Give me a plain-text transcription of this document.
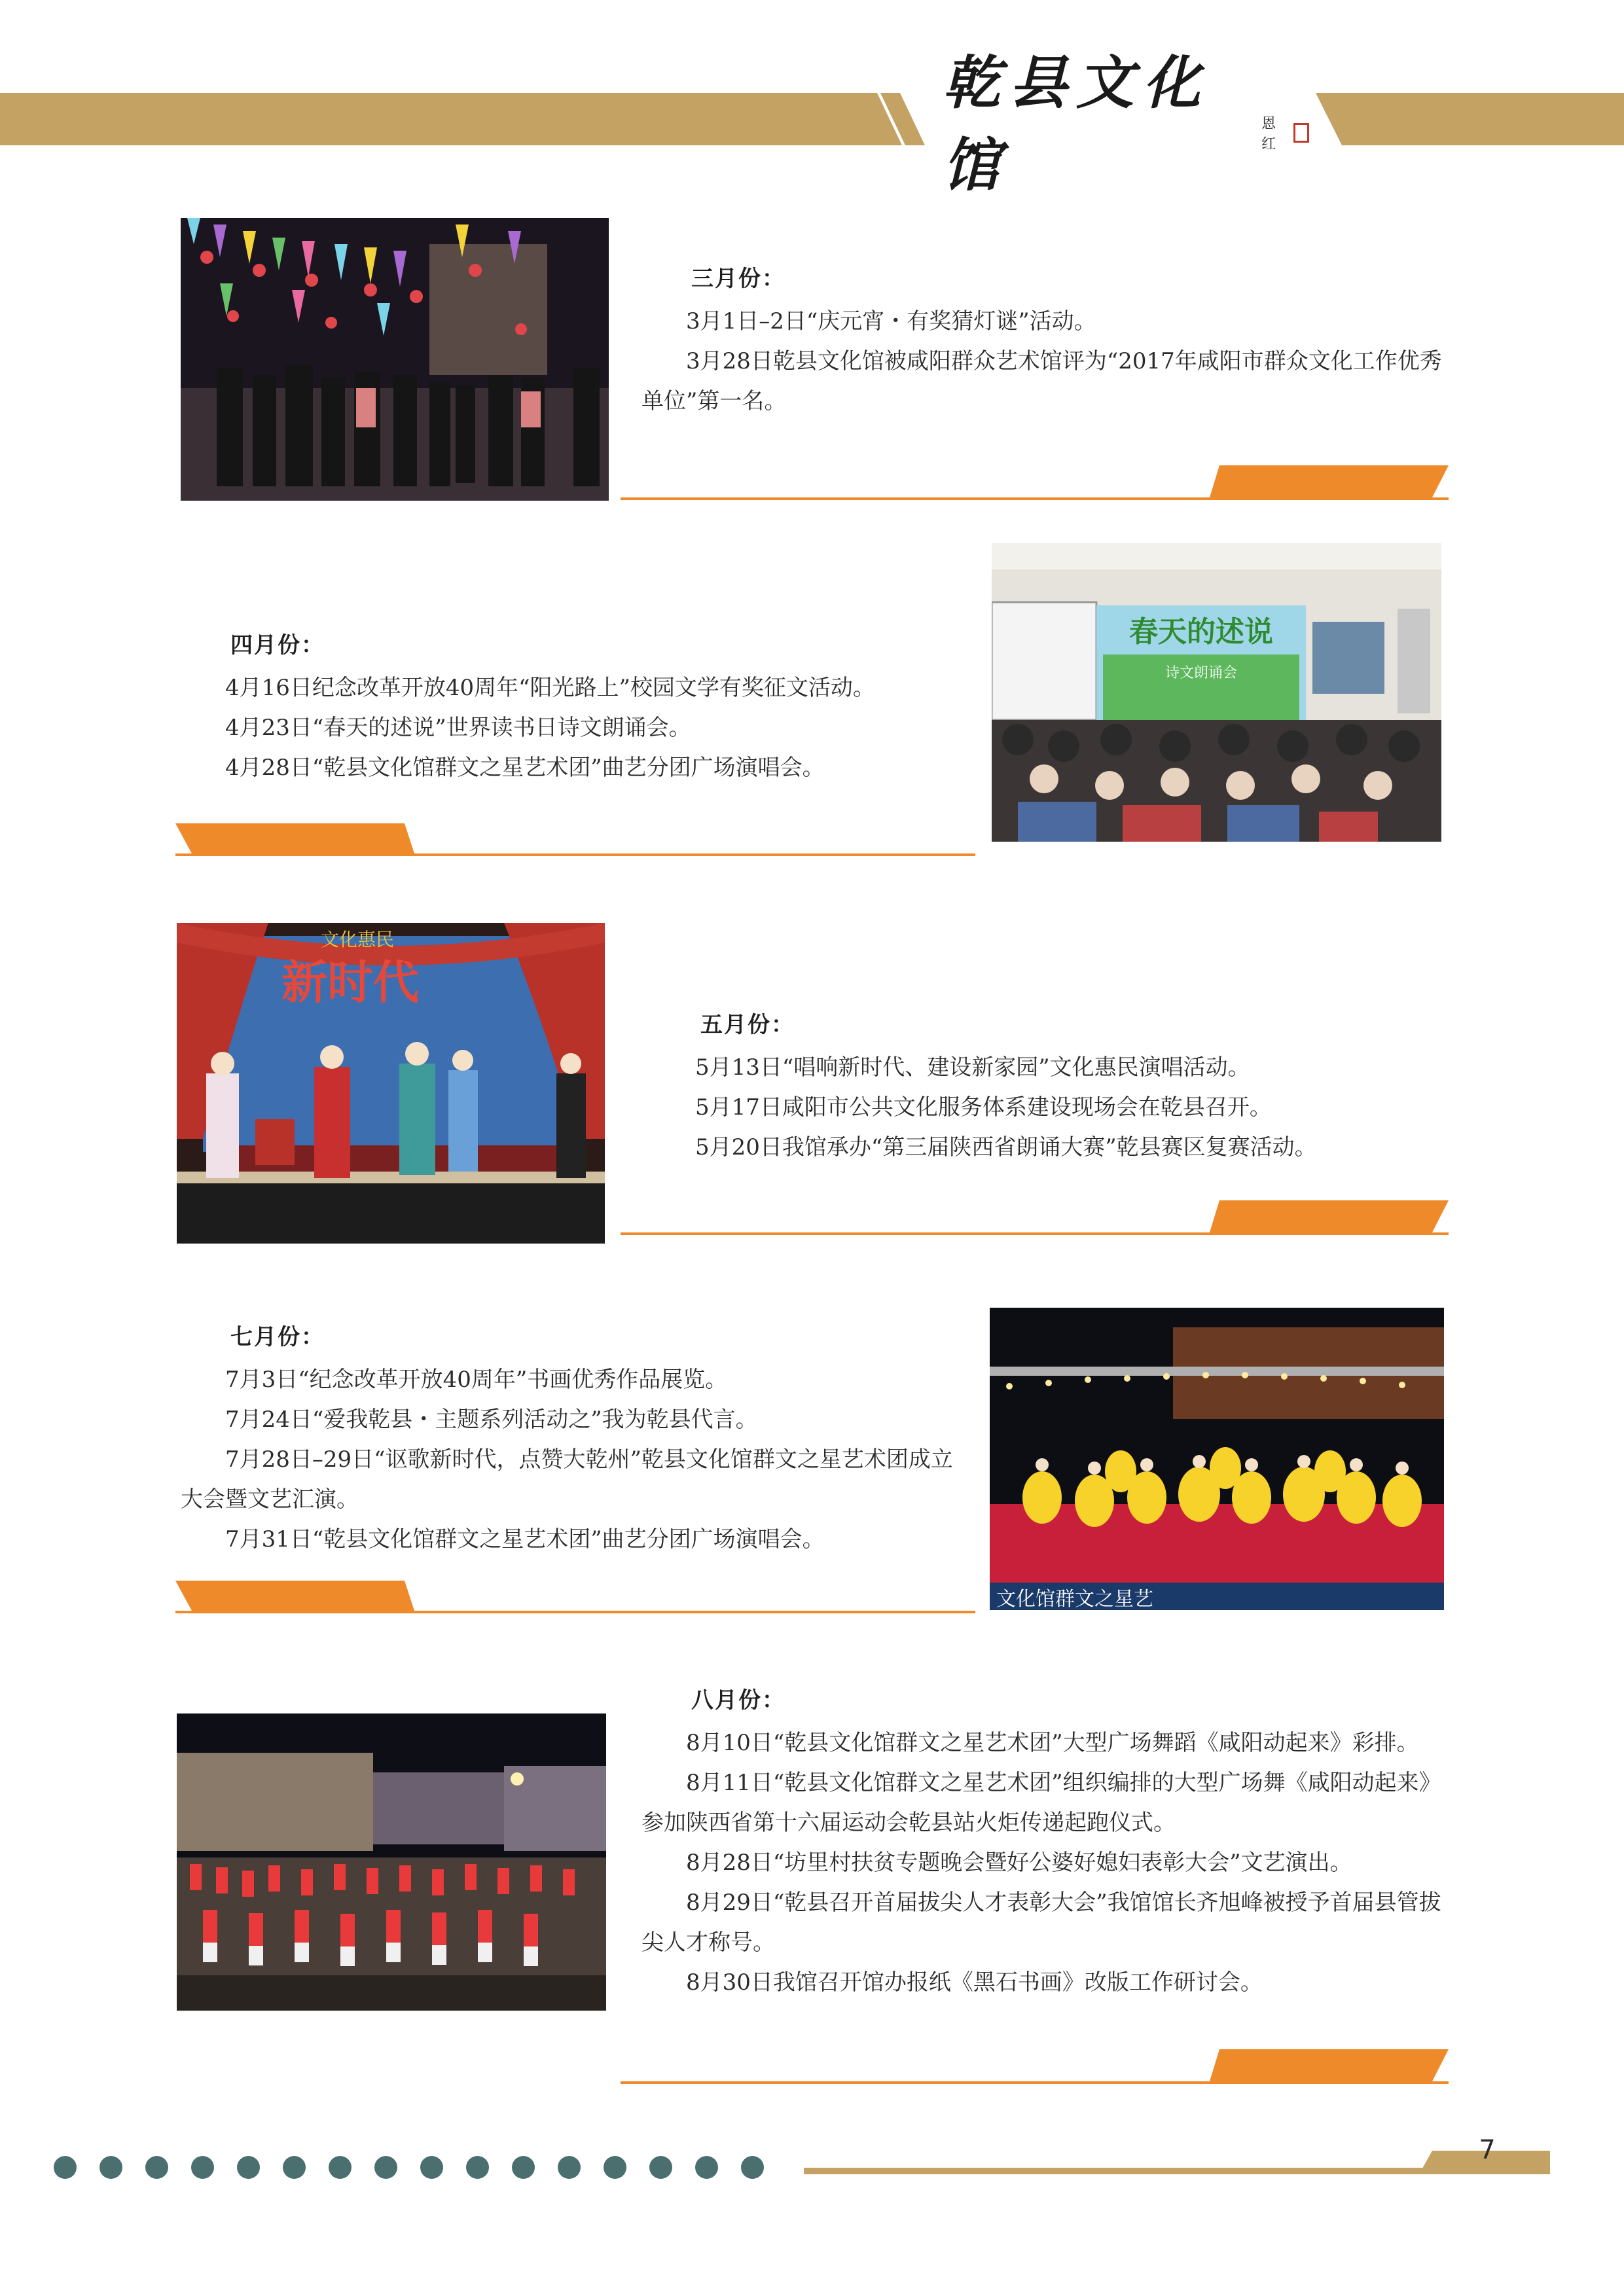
乾县文化馆
恩红
三月份：

3月1日–2日“庆元宵・有奖猜灯谜”活动。

3月28日乾县文化馆被咸阳群众艺术馆评为“2017年咸阳市群众文化工作优秀单位”第一名。

春天的述说
诗文朗诵会
四月份：

4月16日纪念改革开放40周年“阳光路上”校园文学有奖征文活动。

4月23日“春天的述说”世界读书日诗文朗诵会。

4月28日“乾县文化馆群文之星艺术团”曲艺分团广场演唱会。

文化惠民
新时代
五月份：

5月13日“唱响新时代、建设新家园”文化惠民演唱活动。

5月17日咸阳市公共文化服务体系建设现场会在乾县召开。

5月20日我馆承办“第三届陕西省朗诵大赛”乾县赛区复赛活动。

文化馆群文之星艺
七月份：

7月3日“纪念改革开放40周年”书画优秀作品展览。

7月24日“爱我乾县・主题系列活动之”我为乾县代言。

7月28日–29日“讴歌新时代，点赞大乾州”乾县文化馆群文之星艺术团成立大会暨文艺汇演。

7月31日“乾县文化馆群文之星艺术团”曲艺分团广场演唱会。

八月份：

8月10日“乾县文化馆群文之星艺术团”大型广场舞蹈《咸阳动起来》彩排。

8月11日“乾县文化馆群文之星艺术团”组织编排的大型广场舞《咸阳动起来》参加陕西省第十六届运动会乾县站火炬传递起跑仪式。

8月28日“坊里村扶贫专题晚会暨好公婆好媳妇表彰大会”文艺演出。

8月29日“乾县召开首届拔尖人才表彰大会”我馆馆长齐旭峰被授予首届县管拔尖人才称号。

8月30日我馆召开馆办报纸《黑石书画》改版工作研讨会。

7
